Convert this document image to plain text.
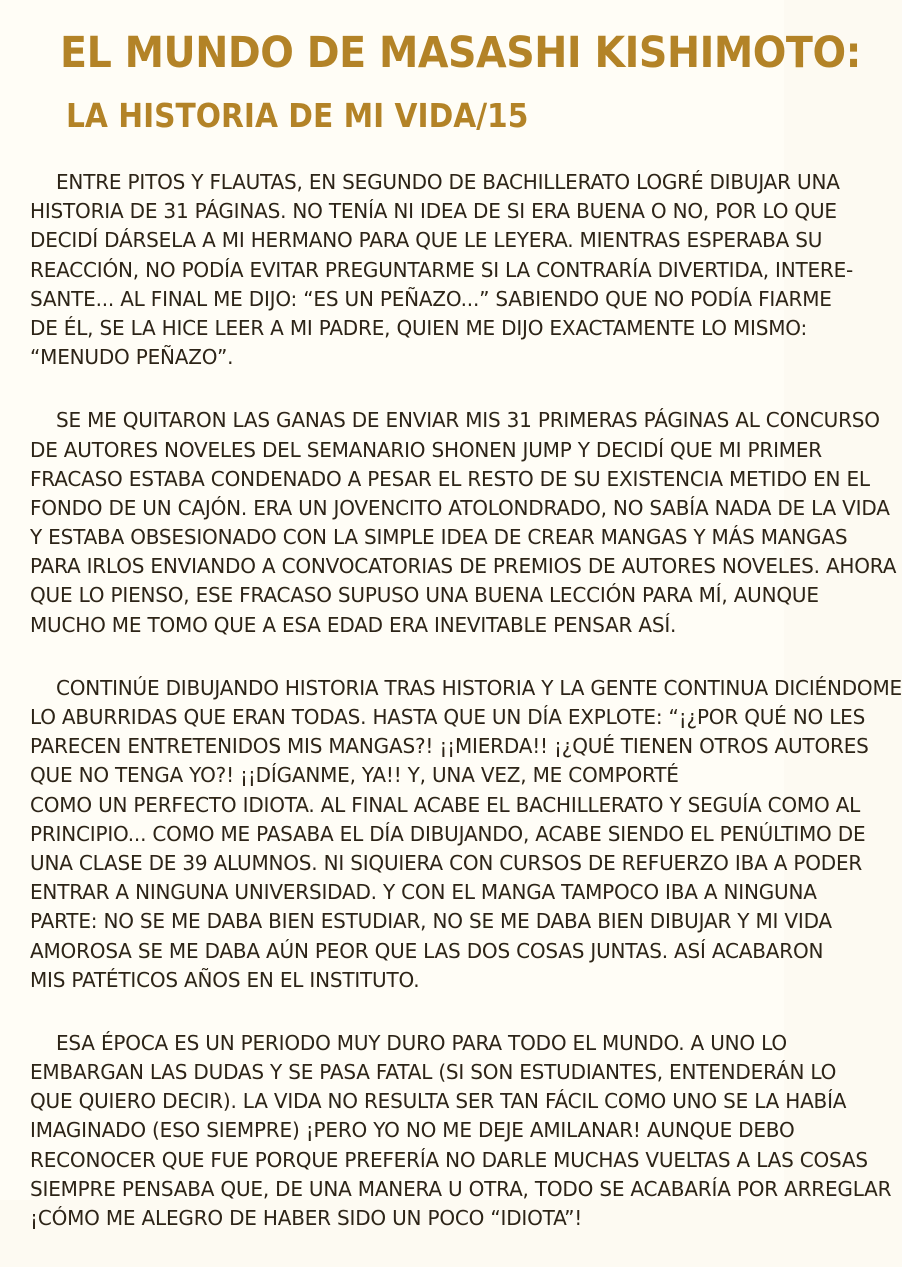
EL MUNDO DE MASASHI KISHIMOTO:
LA HISTORIA DE MI VIDA/15
ENTRE PITOS Y FLAUTAS, EN SEGUNDO DE BACHILLERATO LOGRÉ DIBUJAR UNA
HISTORIA DE 31 PÁGINAS. NO TENÍA NI IDEA DE SI ERA BUENA O NO, POR LO QUE
DECIDÍ DÁRSELA A MI HERMANO PARA QUE LE LEYERA. MIENTRAS ESPERABA SU
REACCIÓN, NO PODÍA EVITAR PREGUNTARME SI LA CONTRARÍA DIVERTIDA, INTERE-
SANTE... AL FINAL ME DIJO: “ES UN PEÑAZO...” SABIENDO QUE NO PODÍA FIARME
DE ÉL, SE LA HICE LEER A MI PADRE, QUIEN ME DIJO EXACTAMENTE LO MISMO:
“MENUDO PEÑAZO”.
SE ME QUITARON LAS GANAS DE ENVIAR MIS 31 PRIMERAS PÁGINAS AL CONCURSO
DE AUTORES NOVELES DEL SEMANARIO SHONEN JUMP Y DECIDÍ QUE MI PRIMER
FRACASO ESTABA CONDENADO A PESAR EL RESTO DE SU EXISTENCIA METIDO EN EL
FONDO DE UN CAJÓN. ERA UN JOVENCITO ATOLONDRADO, NO SABÍA NADA DE LA VIDA
Y ESTABA OBSESIONADO CON LA SIMPLE IDEA DE CREAR MANGAS Y MÁS MANGAS
PARA IRLOS ENVIANDO A CONVOCATORIAS DE PREMIOS DE AUTORES NOVELES. AHORA
QUE LO PIENSO, ESE FRACASO SUPUSO UNA BUENA LECCIÓN PARA MÍ, AUNQUE
MUCHO ME TOMO QUE A ESA EDAD ERA INEVITABLE PENSAR ASÍ.
CONTINÚE DIBUJANDO HISTORIA TRAS HISTORIA Y LA GENTE CONTINUA DICIÉNDOME
LO ABURRIDAS QUE ERAN TODAS. HASTA QUE UN DÍA EXPLOTE: “¡¿POR QUÉ NO LES
PARECEN ENTRETENIDOS MIS MANGAS?! ¡¡MIERDA!! ¡¿QUÉ TIENEN OTROS AUTORES
QUE NO TENGA YO?! ¡¡DÍGANME, YA!! Y, UNA VEZ, ME COMPORTÉ
COMO UN PERFECTO IDIOTA. AL FINAL ACABE EL BACHILLERATO Y SEGUÍA COMO AL
PRINCIPIO... COMO ME PASABA EL DÍA DIBUJANDO, ACABE SIENDO EL PENÚLTIMO DE
UNA CLASE DE 39 ALUMNOS. NI SIQUIERA CON CURSOS DE REFUERZO IBA A PODER
ENTRAR A NINGUNA UNIVERSIDAD. Y CON EL MANGA TAMPOCO IBA A NINGUNA
PARTE: NO SE ME DABA BIEN ESTUDIAR, NO SE ME DABA BIEN DIBUJAR Y MI VIDA
AMOROSA SE ME DABA AÚN PEOR QUE LAS DOS COSAS JUNTAS. ASÍ ACABARON
MIS PATÉTICOS AÑOS EN EL INSTITUTO.
ESA ÉPOCA ES UN PERIODO MUY DURO PARA TODO EL MUNDO. A UNO LO
EMBARGAN LAS DUDAS Y SE PASA FATAL (SI SON ESTUDIANTES, ENTENDERÁN LO
QUE QUIERO DECIR). LA VIDA NO RESULTA SER TAN FÁCIL COMO UNO SE LA HABÍA
IMAGINADO (ESO SIEMPRE) ¡PERO YO NO ME DEJE AMILANAR! AUNQUE DEBO
RECONOCER QUE FUE PORQUE PREFERÍA NO DARLE MUCHAS VUELTAS A LAS COSAS
SIEMPRE PENSABA QUE, DE UNA MANERA U OTRA, TODO SE ACABARÍA POR ARREGLAR
¡CÓMO ME ALEGRO DE HABER SIDO UN POCO “IDIOTA”!
